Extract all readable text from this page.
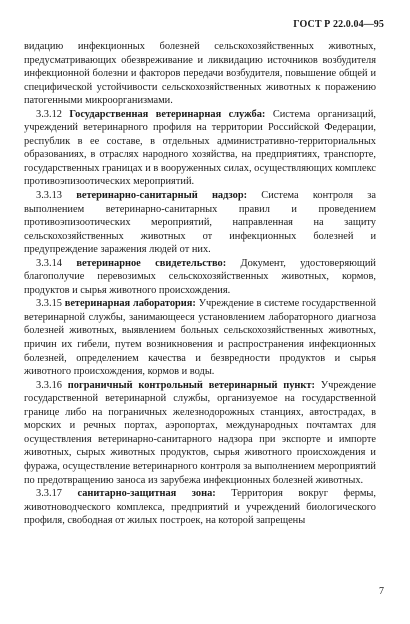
ГОСТ Р 22.0.04—95

видацию инфекционных болезней сельскохозяйственных животных, предусматривающих обезвреживание и ликвидацию источников возбудителя инфекционной болезни и факторов передачи возбудителя, повышение общей и специфической устойчивости сельскохозяйственных животных к поражению патогенными микроорганизмами.

3.3.12 Государственная ветеринарная служба: Система организаций, учреждений ветеринарного профиля на территории Российской Федерации, республик в ее составе, в отдельных административно-территориальных образованиях, в отраслях народного хозяйства, на предприятиях, транспорте, государственных границах и в вооруженных силах, осуществляющих комплекс противоэпизоотических мероприятий.

3.3.13 ветеринарно-санитарный надзор: Система контроля за выполнением ветеринарно-санитарных правил и проведением противоэпизоотических мероприятий, направленная на защиту сельскохозяйственных животных от инфекционных болезней и предупреждение заражения людей от них.

3.3.14 ветеринарное свидетельство: Документ, удостоверяющий благополучие перевозимых сельскохозяйственных животных, кормов, продуктов и сырья животного происхождения.

3.3.15 ветеринарная лаборатория: Учреждение в системе государственной ветеринарной службы, занимающееся установлением лабораторного диагноза болезней животных, выявлением больных сельскохозяйственных животных, причин их гибели, путем возникновения и распространения инфекционных болезней, определением качества и безвредности продуктов и сырья животного происхождения, кормов и воды.

3.3.16 пограничный контрольный ветеринарный пункт: Учреждение государственной ветеринарной службы, организуемое на государственной границе либо на пограничных железнодорожных станциях, автострадах, в морских и речных портах, аэропортах, международных почтамтах для осуществления ветеринарно-санитарного надзора при экспорте и импорте животных, сырых животных продуктов, сырья животного происхождения и фуража, осуществление ветеринарного контроля за выполнением мероприятий по предотвращению заноса из зарубежа инфекционных болезней животных.

3.3.17 санитарно-защитная зона: Территория вокруг фермы, животноводческого комплекса, предприятий и учреждений биологического профиля, свободная от жилых построек, на которой запрещены

7
